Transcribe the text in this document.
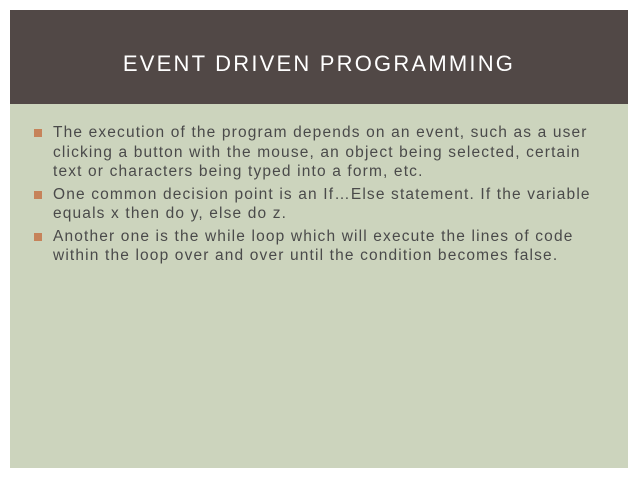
EVENT DRIVEN PROGRAMMING
The execution of the program depends on an event, such as a user clicking a button with the mouse, an object being selected, certain text or characters being typed into a form, etc.
One common decision point is an If…Else statement. If the variable equals x then do y, else do z.
Another one is the while loop which will execute the lines of code within the loop over and over until the condition becomes false.
